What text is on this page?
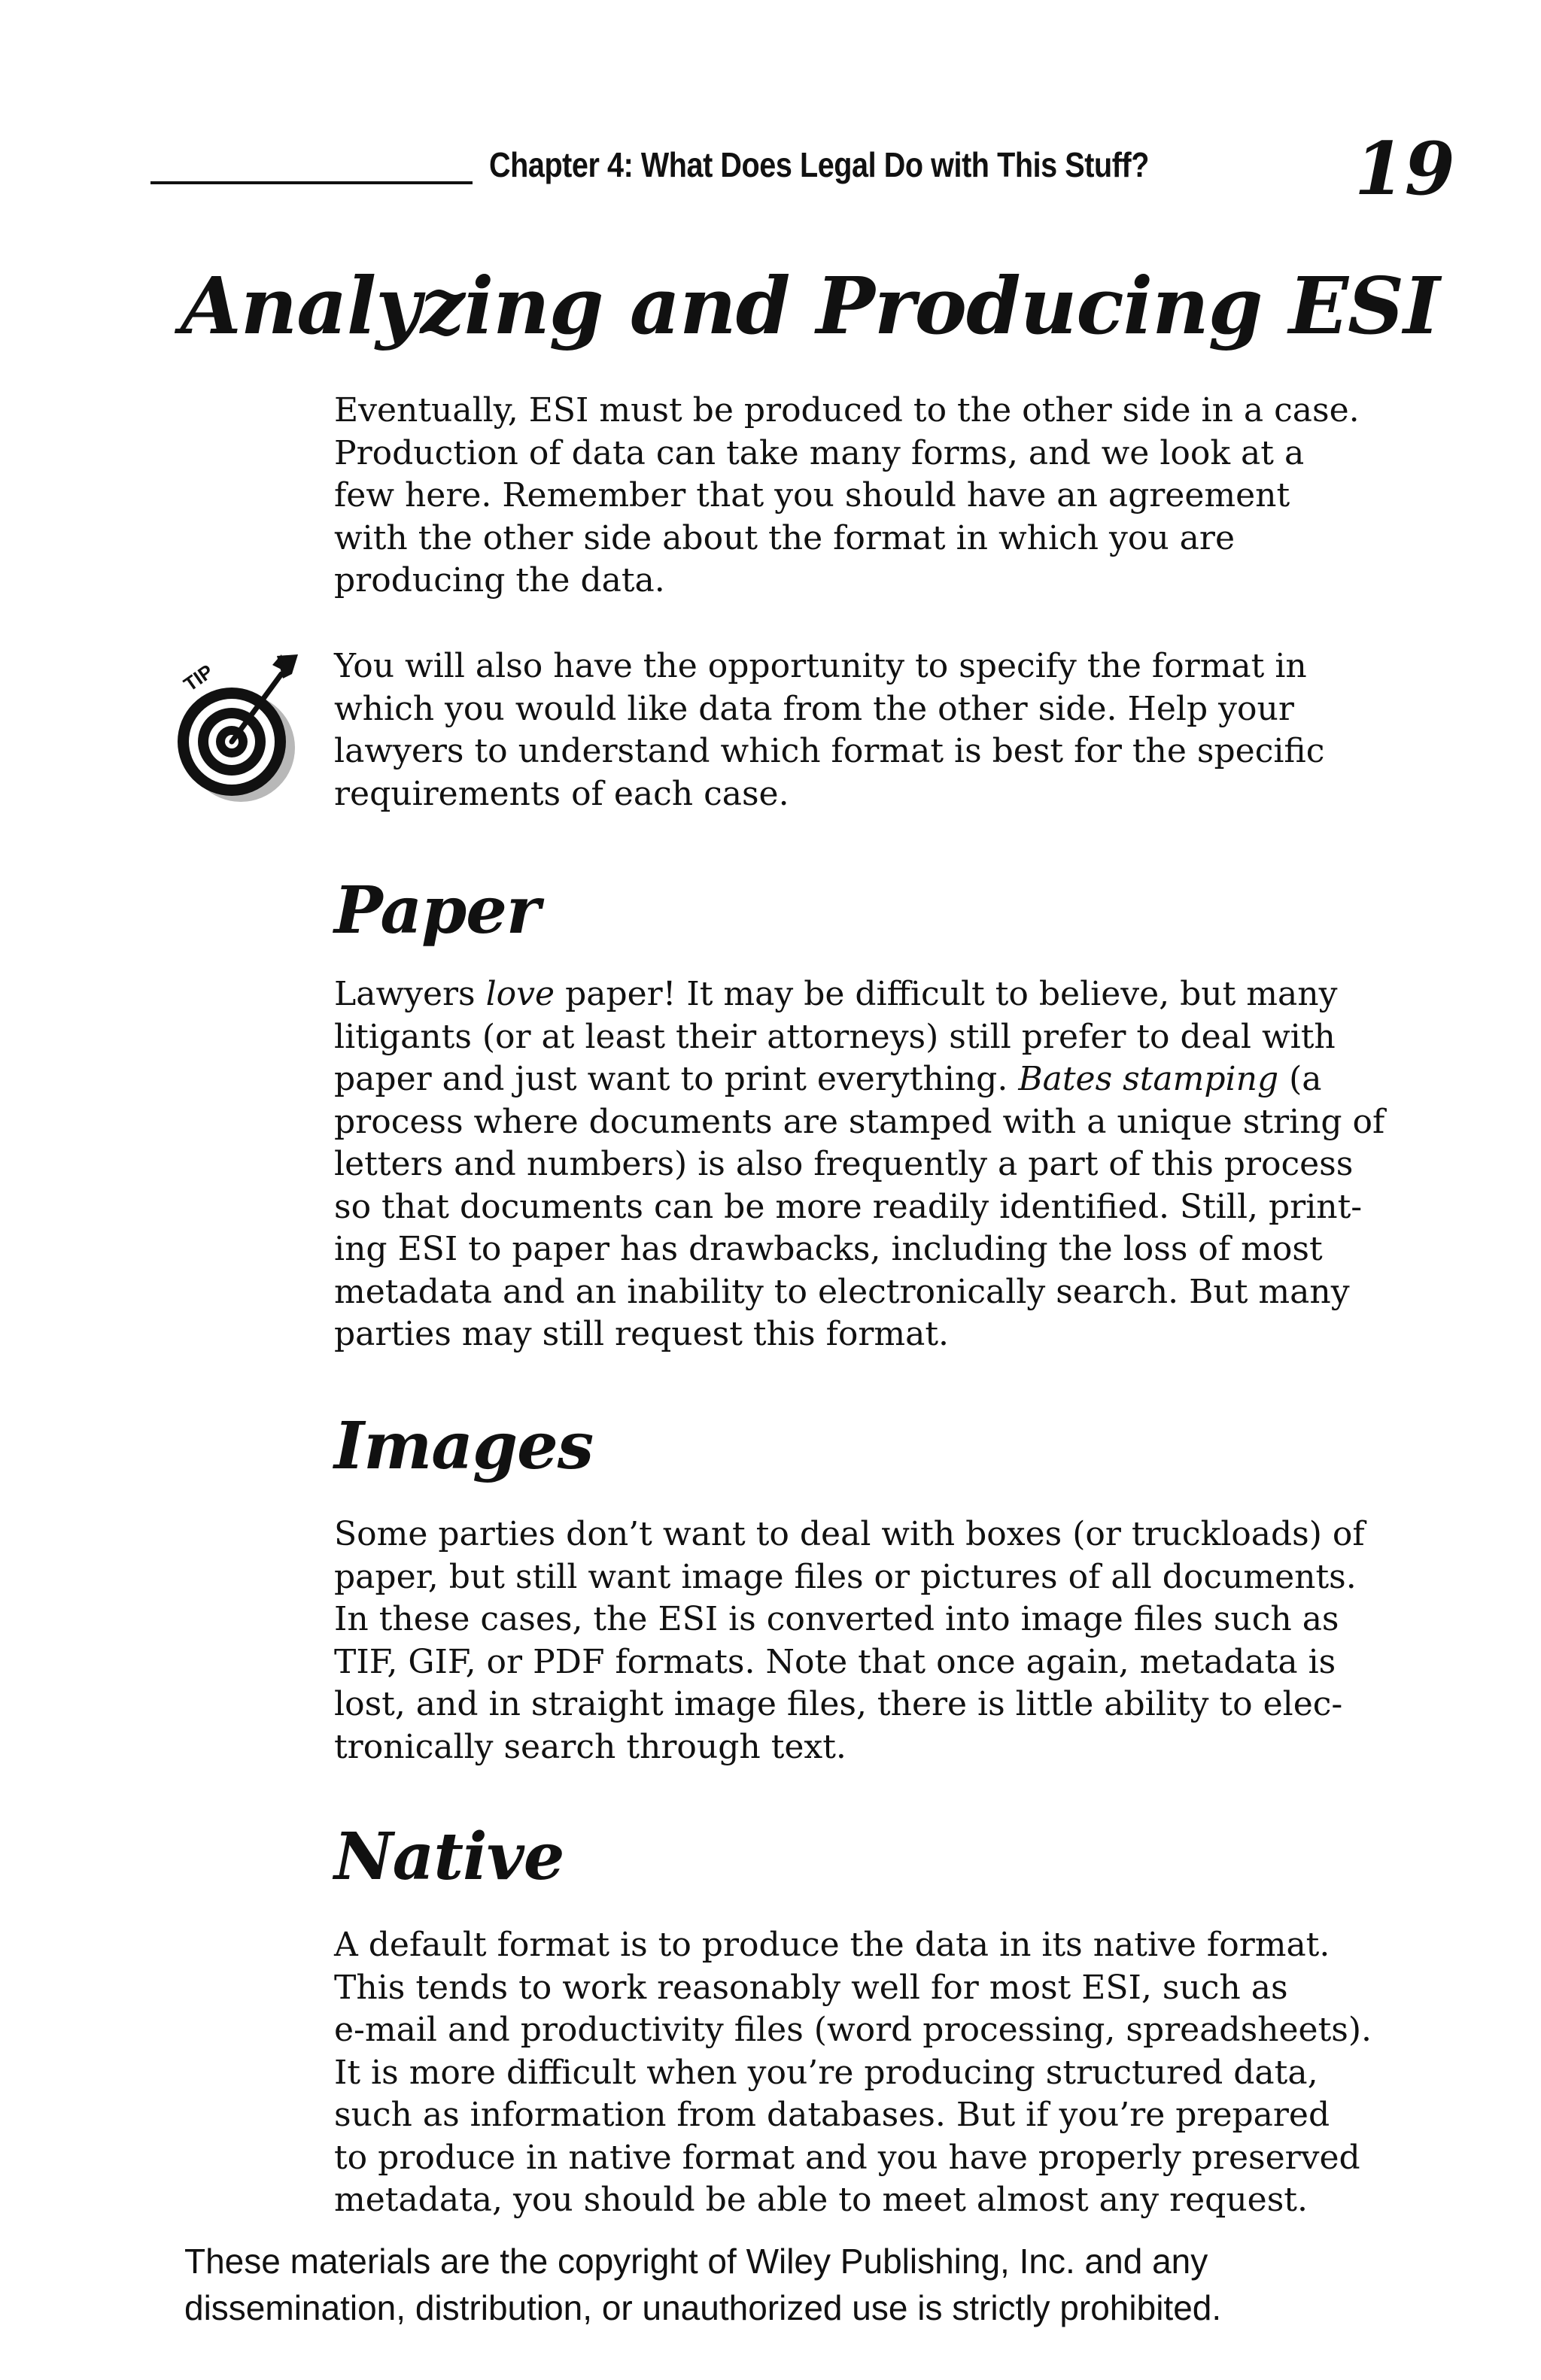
Chapter 4: What Does Legal Do with This Stuff?	19
Analyzing and Producing ESI

Eventually, ESI must be produced to the other side in a case.
Production of data can take many forms, and we look at a
few here. Remember that you should have an agreement
with the other side about the format in which you are
producing the data.

TIP	You will also have the opportunity to specify the format in
which you would like data from the other side. Help your
lawyers to understand which format is best for the specific
requirements of each case.

Paper

Lawyers love paper! It may be difficult to believe, but many
litigants (or at least their attorneys) still prefer to deal with
paper and just want to print everything. Bates stamping (a
process where documents are stamped with a unique string of
letters and numbers) is also frequently a part of this process
so that documents can be more readily identified. Still, print-
ing ESI to paper has drawbacks, including the loss of most
metadata and an inability to electronically search. But many
parties may still request this format.

Images

Some parties don’t want to deal with boxes (or truckloads) of
paper, but still want image files or pictures of all documents.
In these cases, the ESI is converted into image files such as
TIF, GIF, or PDF formats. Note that once again, metadata is
lost, and in straight image files, there is little ability to elec-
tronically search through text.

Native

A default format is to produce the data in its native format.
This tends to work reasonably well for most ESI, such as
e-mail and productivity files (word processing, spreadsheets).
It is more difficult when you’re producing structured data,
such as information from databases. But if you’re prepared
to produce in native format and you have properly preserved
metadata, you should be able to meet almost any request.

These materials are the copyright of Wiley Publishing, Inc. and any
dissemination, distribution, or unauthorized use is strictly prohibited.
